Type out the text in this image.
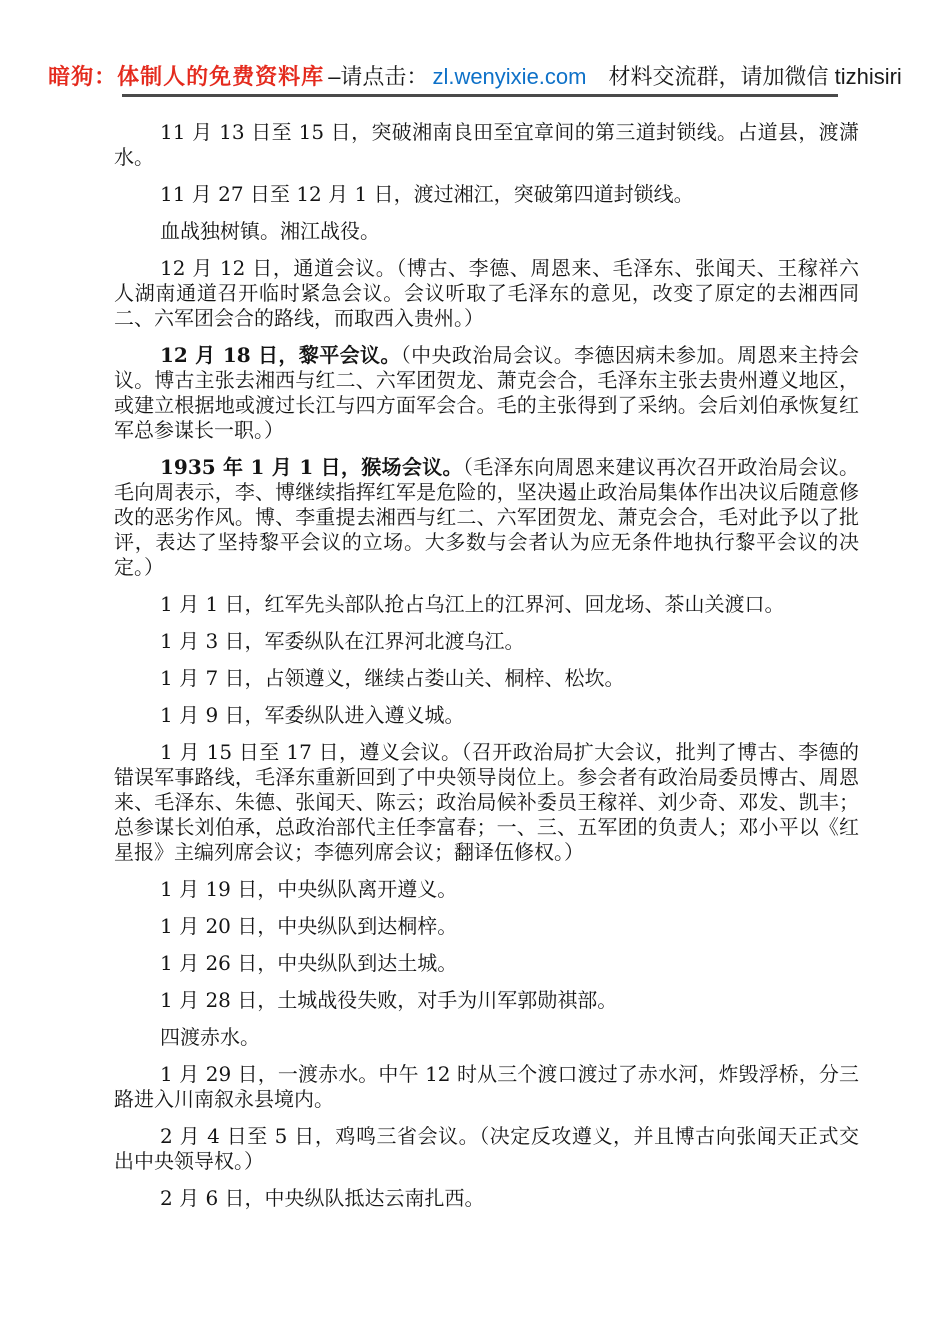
暗狗：体制人的免费资料库 –请点击： zl.wenyixie.com 材料交流群，请加微信 tizhisiri

11 月 13 日至 15 日，突破湘南良田至宜章间的第三道封锁线。占道县，渡潇水。

11 月 27 日至 12 月 1 日，渡过湘江，突破第四道封锁线。

血战独树镇。湘江战役。

12 月 12 日，通道会议。（博古、李德、周恩来、毛泽东、张闻天、王稼祥六人湖南通道召开临时紧急会议。会议听取了毛泽东的意见，改变了原定的去湘西同二、六军团会合的路线，而取西入贵州。）

12 月 18 日，黎平会议。（中央政治局会议。李德因病未参加。周恩来主持会议。博古主张去湘西与红二、六军团贺龙、萧克会合，毛泽东主张去贵州遵义地区，或建立根据地或渡过长江与四方面军会合。毛的主张得到了采纳。会后刘伯承恢复红军总参谋长一职。）

1935 年 1 月 1 日，猴场会议。（毛泽东向周恩来建议再次召开政治局会议。毛向周表示，李、博继续指挥红军是危险的，坚决遏止政治局集体作出决议后随意修改的恶劣作风。博、李重提去湘西与红二、六军团贺龙、萧克会合，毛对此予以了批评，表达了坚持黎平会议的立场。大多数与会者认为应无条件地执行黎平会议的决定。）

1 月 1 日，红军先头部队抢占乌江上的江界河、回龙场、茶山关渡口。

1 月 3 日，军委纵队在江界河北渡乌江。

1 月 7 日，占领遵义，继续占娄山关、桐梓、松坎。

1 月 9 日，军委纵队进入遵义城。

1 月 15 日至 17 日，遵义会议。（召开政治局扩大会议，批判了博古、李德的错误军事路线，毛泽东重新回到了中央领导岗位上。参会者有政治局委员博古、周恩来、毛泽东、朱德、张闻天、陈云；政治局候补委员王稼祥、刘少奇、邓发、凯丰；总参谋长刘伯承，总政治部代主任李富春；一、三、五军团的负责人；邓小平以《红星报》主编列席会议；李德列席会议；翻译伍修权。）

1 月 19 日，中央纵队离开遵义。

1 月 20 日，中央纵队到达桐梓。

1 月 26 日，中央纵队到达土城。

1 月 28 日，土城战役失败，对手为川军郭勋祺部。

四渡赤水。

1 月 29 日，一渡赤水。中午 12 时从三个渡口渡过了赤水河，炸毁浮桥，分三路进入川南叙永县境内。

2 月 4 日至 5 日，鸡鸣三省会议。（决定反攻遵义，并且博古向张闻天正式交出中央领导权。）

2 月 6 日，中央纵队抵达云南扎西。
